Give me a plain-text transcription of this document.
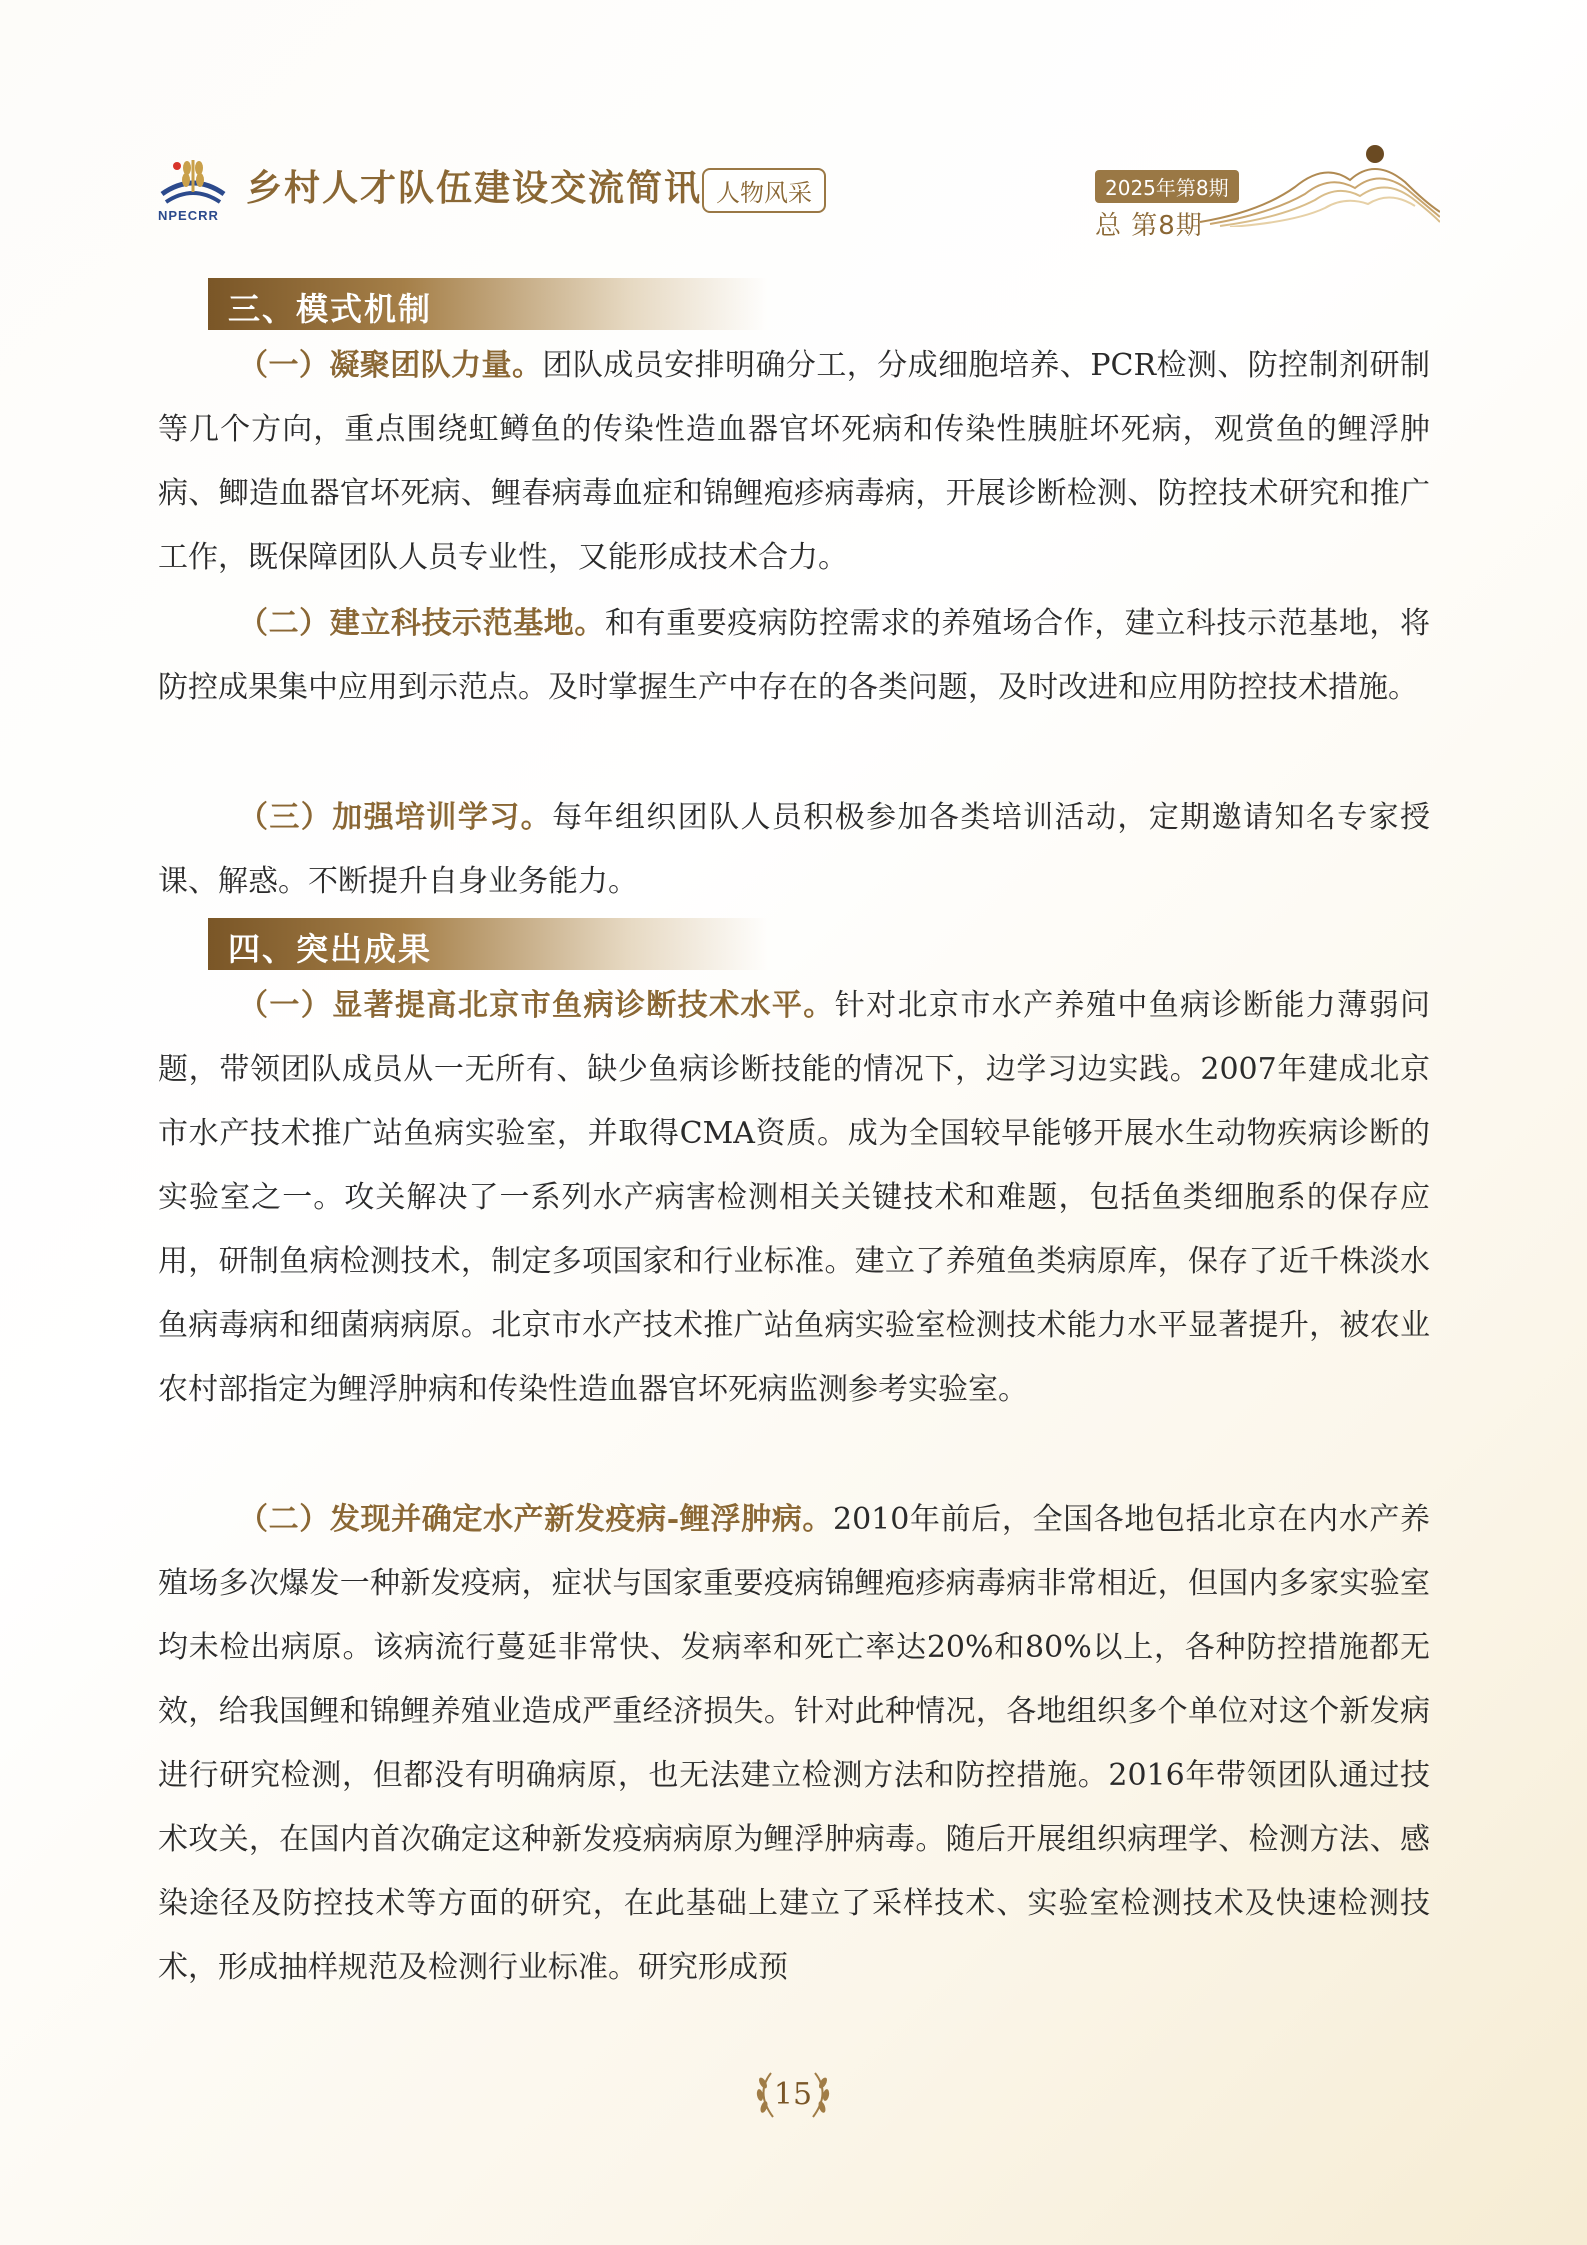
NPECRR
乡村人才队伍建设交流简讯 人物风采	2025年第8期
总 第8期
三、模式机制

（一）凝聚团队力量。团队成员安排明确分工，分成细胞培养、PCR检测、防控制剂研制等几个方向，重点围绕虹鳟鱼的传染性造血器官坏死病和传染性胰脏坏死病，观赏鱼的鲤浮肿病、鲫造血器官坏死病、鲤春病毒血症和锦鲤疱疹病毒病，开展诊断检测、防控技术研究和推广工作，既保障团队人员专业性，又能形成技术合力。

（二）建立科技示范基地。和有重要疫病防控需求的养殖场合作，建立科技示范基地，将防控成果集中应用到示范点。及时掌握生产中存在的各类问题，及时改进和应用防控技术措施。

（三）加强培训学习。每年组织团队人员积极参加各类培训活动，定期邀请知名专家授课、解惑。不断提升自身业务能力。

四、突出成果

（一）显著提高北京市鱼病诊断技术水平。针对北京市水产养殖中鱼病诊断能力薄弱问题，带领团队成员从一无所有、缺少鱼病诊断技能的情况下，边学习边实践。2007年建成北京市水产技术推广站鱼病实验室，并取得CMA资质。成为全国较早能够开展水生动物疾病诊断的实验室之一。攻关解决了一系列水产病害检测相关关键技术和难题，包括鱼类细胞系的保存应用，研制鱼病检测技术，制定多项国家和行业标准。建立了养殖鱼类病原库，保存了近千株淡水鱼病毒病和细菌病病原。北京市水产技术推广站鱼病实验室检测技术能力水平显著提升，被农业农村部指定为鲤浮肿病和传染性造血器官坏死病监测参考实验室。

（二）发现并确定水产新发疫病-鲤浮肿病。2010年前后，全国各地包括北京在内水产养殖场多次爆发一种新发疫病，症状与国家重要疫病锦鲤疱疹病毒病非常相近，但国内多家实验室均未检出病原。该病流行蔓延非常快、发病率和死亡率达20%和80%以上，各种防控措施都无效，给我国鲤和锦鲤养殖业造成严重经济损失。针对此种情况，各地组织多个单位对这个新发病进行研究检测，但都没有明确病原，也无法建立检测方法和防控措施。2016年带领团队通过技术攻关，在国内首次确定这种新发疫病病原为鲤浮肿病毒。随后开展组织病理学、检测方法、感染途径及防控技术等方面的研究，在此基础上建立了采样技术、实验室检测技术及快速检测技术，形成抽样规范及检测行业标准。研究形成预

15
